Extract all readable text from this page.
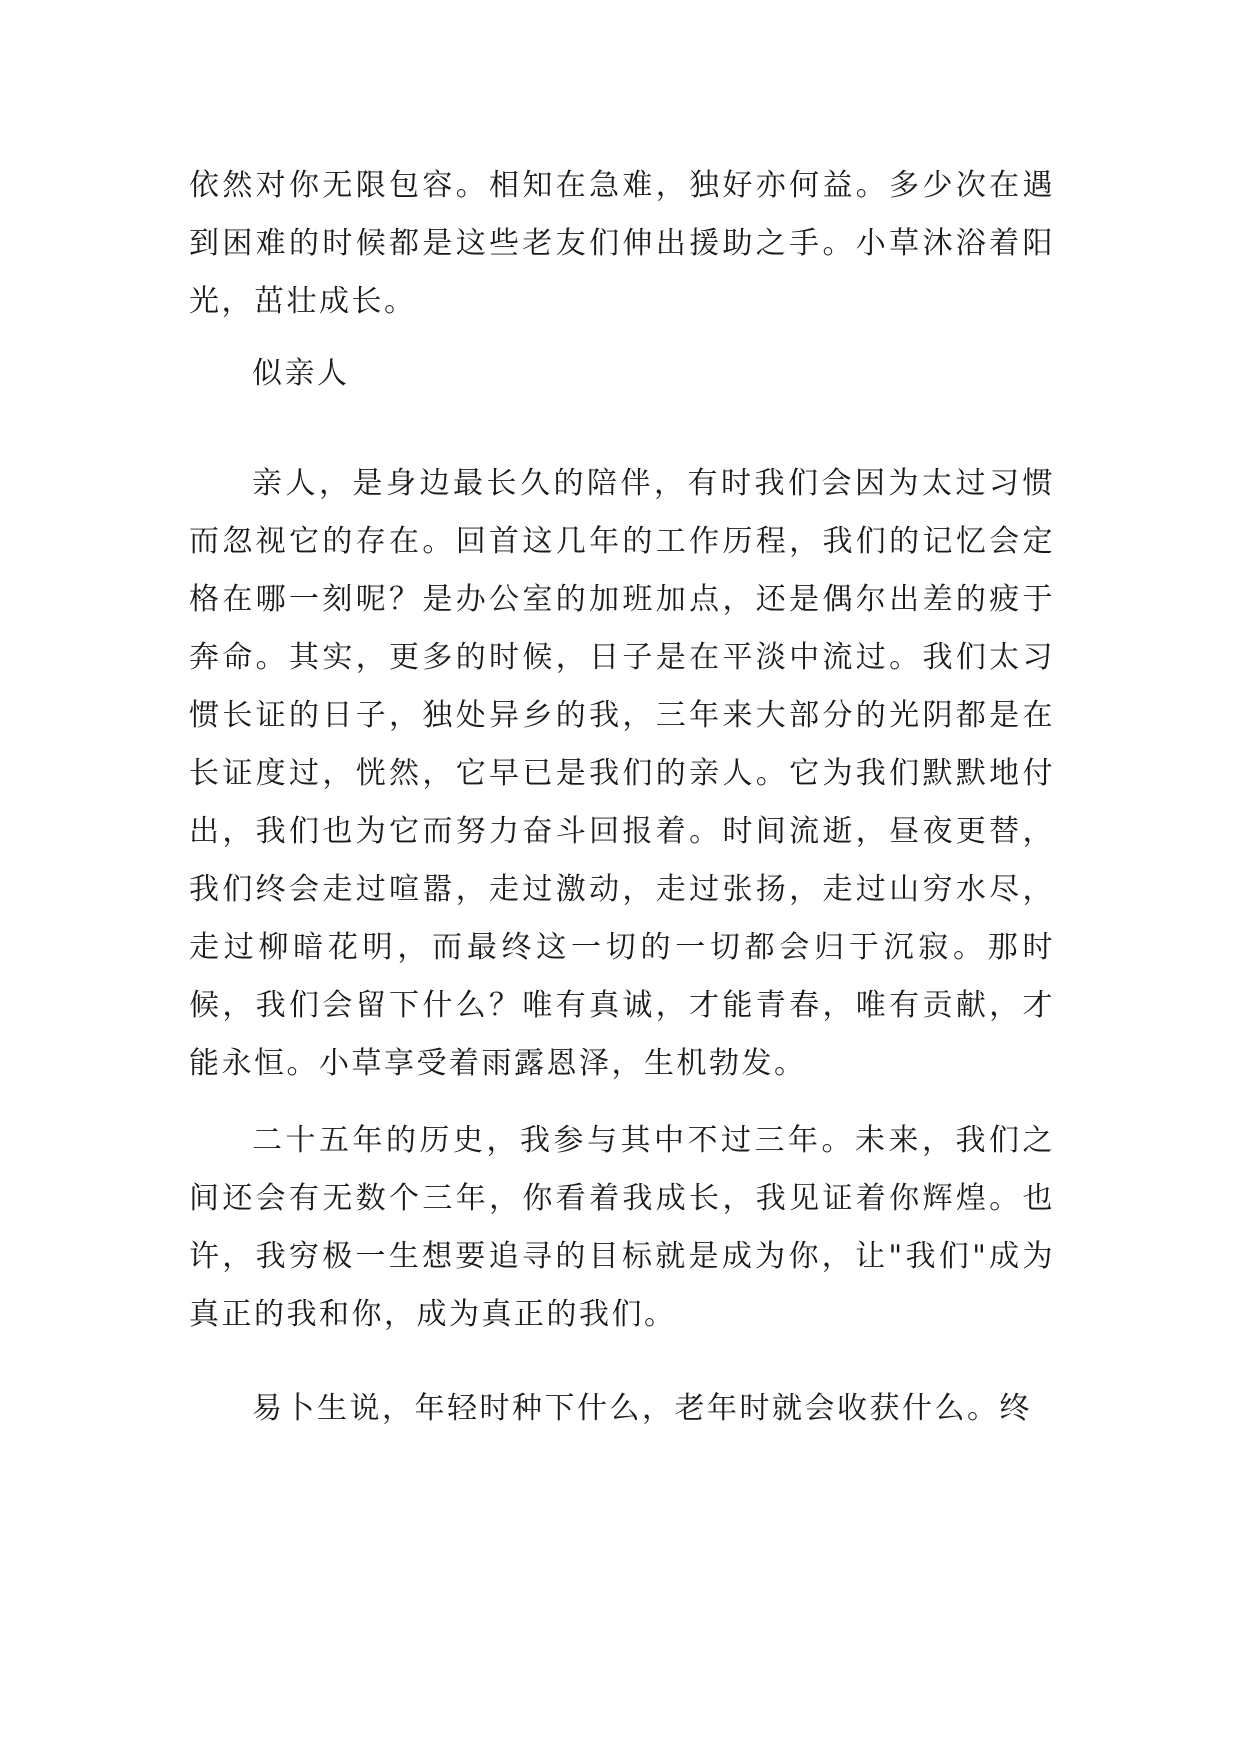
依然对你无限包容。相知在急难，独好亦何益。多少次在遇到困难的时候都是这些老友们伸出援助之手。小草沐浴着阳光，茁壮成长。

似亲人

亲人，是身边最长久的陪伴，有时我们会因为太过习惯而忽视它的存在。回首这几年的工作历程，我们的记忆会定格在哪一刻呢？是办公室的加班加点，还是偶尔出差的疲于奔命。其实，更多的时候，日子是在平淡中流过。我们太习惯长证的日子，独处异乡的我，三年来大部分的光阴都是在长证度过，恍然，它早已是我们的亲人。它为我们默默地付出，我们也为它而努力奋斗回报着。时间流逝，昼夜更替，我们终会走过喧嚣，走过激动，走过张扬，走过山穷水尽，走过柳暗花明，而最终这一切的一切都会归于沉寂。那时候，我们会留下什么？唯有真诚，才能青春，唯有贡献，才能永恒。小草享受着雨露恩泽，生机勃发。

二十五年的历史，我参与其中不过三年。未来，我们之间还会有无数个三年，你看着我成长，我见证着你辉煌。也许，我穷极一生想要追寻的目标就是成为你，让"我们"成为真正的我和你，成为真正的我们。

易卜生说，年轻时种下什么，老年时就会收获什么。终
